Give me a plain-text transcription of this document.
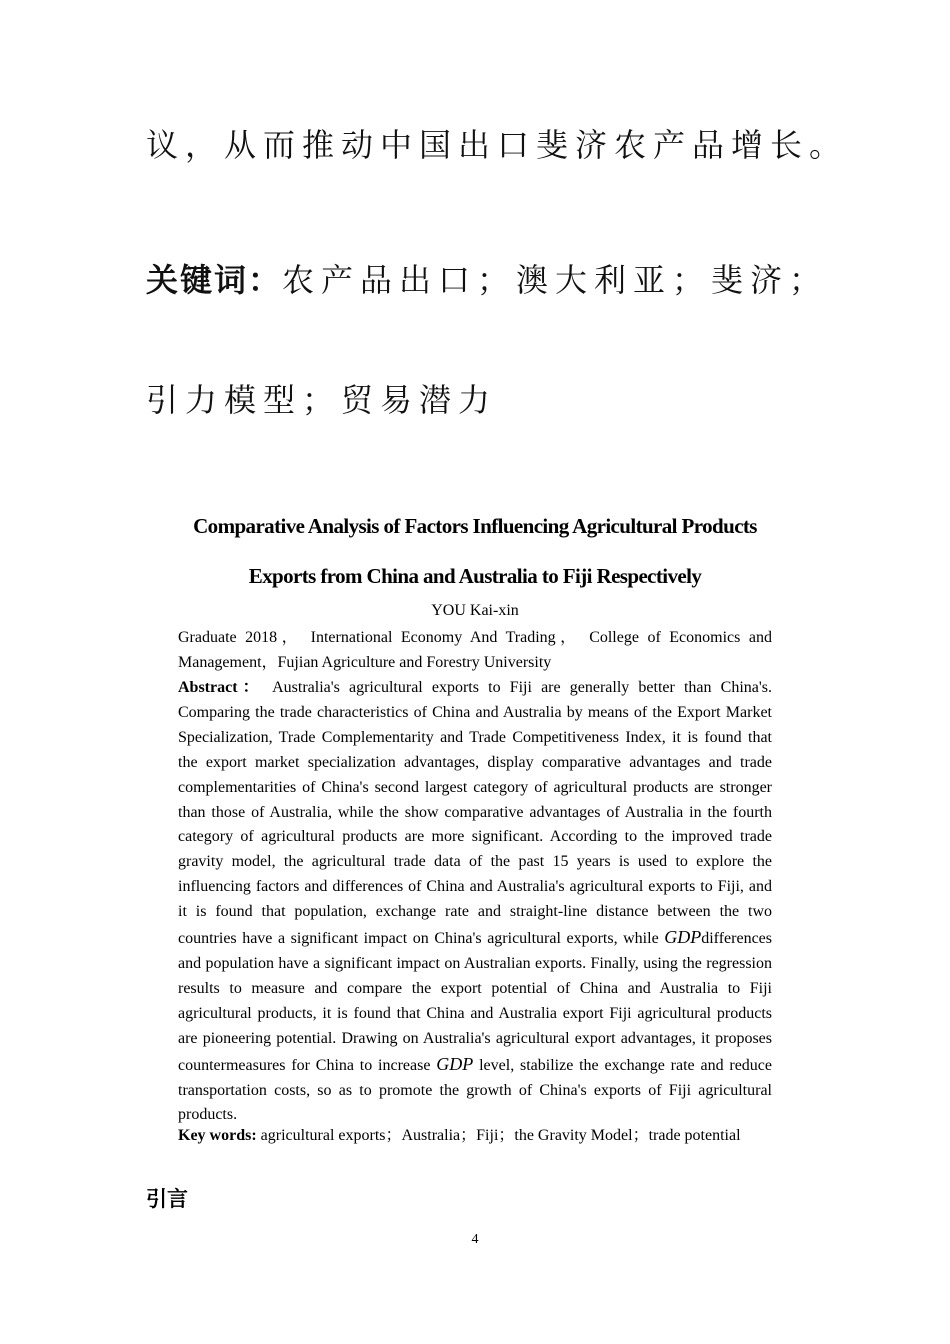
议，从而推动中国出口斐济农产品增长。
关键词：农产品出口；澳大利亚；斐济；
引力模型；贸易潜力
Comparative Analysis of Factors Influencing Agricultural Products
Exports from China and Australia to Fiji Respectively
YOU Kai-xin
Graduate 2018， International Economy And Trading， College of Economics and Management，Fujian Agriculture and Forestry University
Abstract： Australia's agricultural exports to Fiji are generally better than China's. Comparing the trade characteristics of China and Australia by means of the Export Market Specialization, Trade Complementarity and Trade Competitiveness Index, it is found that the export market specialization advantages, display comparative advantages and trade complementarities of China's second largest category of agricultural products are stronger than those of Australia, while the show comparative advantages of Australia in the fourth category of agricultural products are more significant. According to the improved trade gravity model, the agricultural trade data of the past 15 years is used to explore the influencing factors and differences of China and Australia's agricultural exports to Fiji, and it is found that population, exchange rate and straight-line distance between the two countries have a significant impact on China's agricultural exports, while GDPdifferences and population have a significant impact on Australian exports. Finally, using the regression results to measure and compare the export potential of China and Australia to Fiji agricultural products, it is found that China and Australia export Fiji agricultural products are pioneering potential. Drawing on Australia's agricultural export advantages, it proposes countermeasures for China to increase GDP level, stabilize the exchange rate and reduce transportation costs, so as to promote the growth of China's exports of Fiji agricultural products.
Key words: agricultural exports；Australia；Fiji；the Gravity Model；trade potential
引言
4
